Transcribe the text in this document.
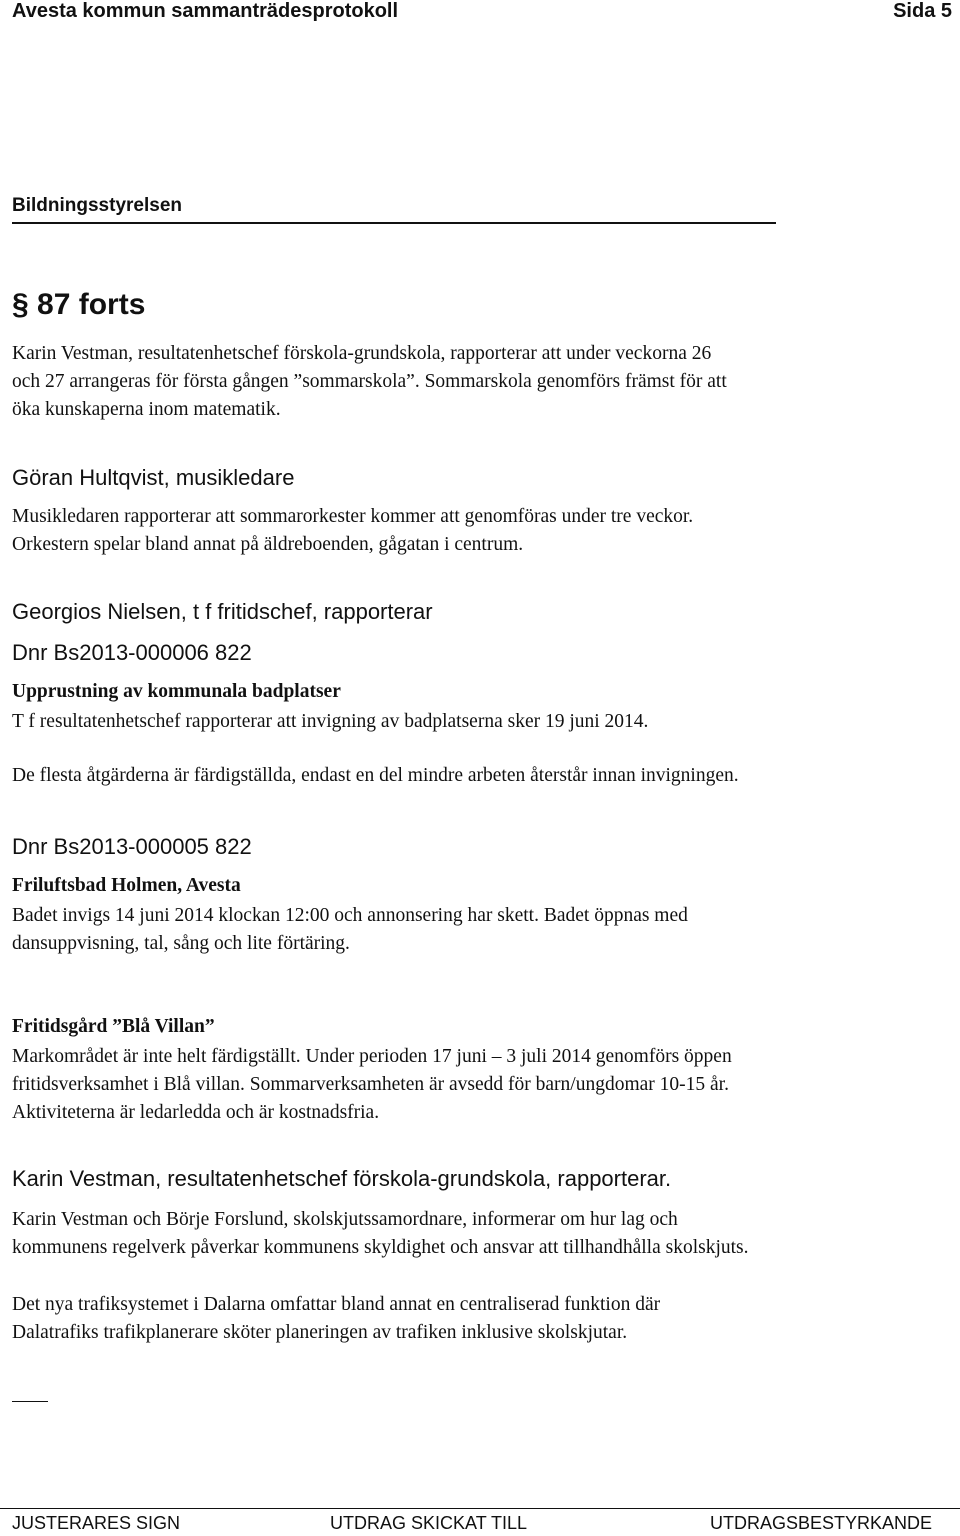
Avesta kommun sammanträdesprotokoll	Sida 5
Bildningsstyrelsen
§ 87 forts
Karin Vestman, resultatenhetschef förskola-grundskola, rapporterar att under veckorna 26
och 27 arrangeras för första gången ”sommarskola”. Sommarskola genomförs främst för att
öka kunskaperna inom matematik.
Göran Hultqvist, musikledare
Musikledaren rapporterar att sommarorkester kommer att genomföras under tre veckor.
Orkestern spelar bland annat på äldreboenden, gågatan i centrum.
Georgios Nielsen, t f fritidschef, rapporterar
Dnr Bs2013-000006 822
Upprustning av kommunala badplatser
T f resultatenhetschef rapporterar att invigning av badplatserna sker 19 juni 2014.
De flesta åtgärderna är färdigställda, endast en del mindre arbeten återstår innan invigningen.
Dnr Bs2013-000005 822
Friluftsbad Holmen, Avesta
Badet invigs 14 juni 2014 klockan 12:00 och annonsering har skett. Badet öppnas med
dansuppvisning, tal, sång och lite förtäring.
Fritidsgård ”Blå Villan”
Markområdet är inte helt färdigställt. Under perioden 17 juni – 3 juli 2014 genomförs öppen
fritidsverksamhet i Blå villan. Sommarverksamheten är avsedd för barn/ungdomar 10-15 år.
Aktiviteterna är ledarledda och är kostnadsfria.
Karin Vestman, resultatenhetschef förskola-grundskola, rapporterar.
Karin Vestman och Börje Forslund, skolskjutssamordnare, informerar om hur lag och
kommunens regelverk påverkar kommunens skyldighet och ansvar att tillhandhålla skolskjuts.
Det nya trafiksystemet i Dalarna omfattar bland annat en centraliserad funktion där
Dalatrafiks trafikplanerare sköter planeringen av trafiken inklusive skolskjutar.
JUSTERARES SIGN	UTDRAG SKICKAT TILL	UTDRAGSBESTYRKANDE
